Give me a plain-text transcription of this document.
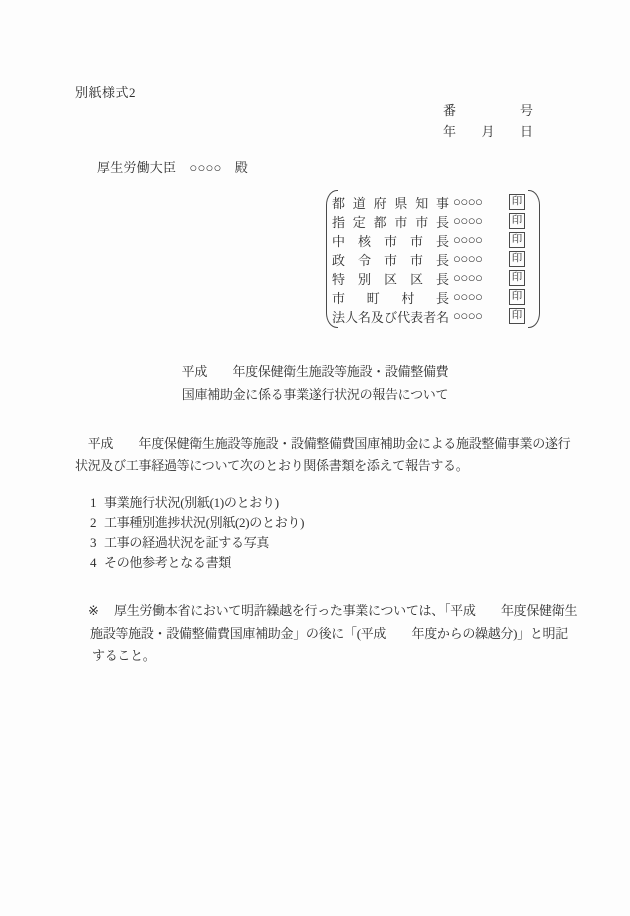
別紙様式2
番	号
年 月 日
厚生労働大臣　○○○○　殿
都 道 府 県 知 事 ○○○○	印
指 定 都 市 市 長 ○○○○	印
中 核 市 市 長 ○○○○	印
政 令 市 市 長 ○○○○	印
特 別 区 区 長 ○○○○	印
市 町 村 長 ○○○○	印
法 人 名 及 び 代 表 者 名 ○○○○	印
平成　　年度保健衛生施設等施設・設備整備費
国庫補助金に係る事業遂行状況の報告について
　平成　　年度保健衛生施設等施設・設備整備費国庫補助金による施設整備事業の遂行
状況及び工事経過等について次のとおり関係書類を添えて報告する。
1 事業施行状況(別紙(1)のとおり)
2 工事種別進捗状況(別紙(2)のとおり)
3 工事の経過状況を証する写真
4 その他参考となる書類
※	厚生労働本省において明許繰越を行った事業については、「平成　　年度保健衛生
施設等施設・設備整備費国庫補助金」の後に「(平成　　年度からの繰越分)」と明記
すること。
